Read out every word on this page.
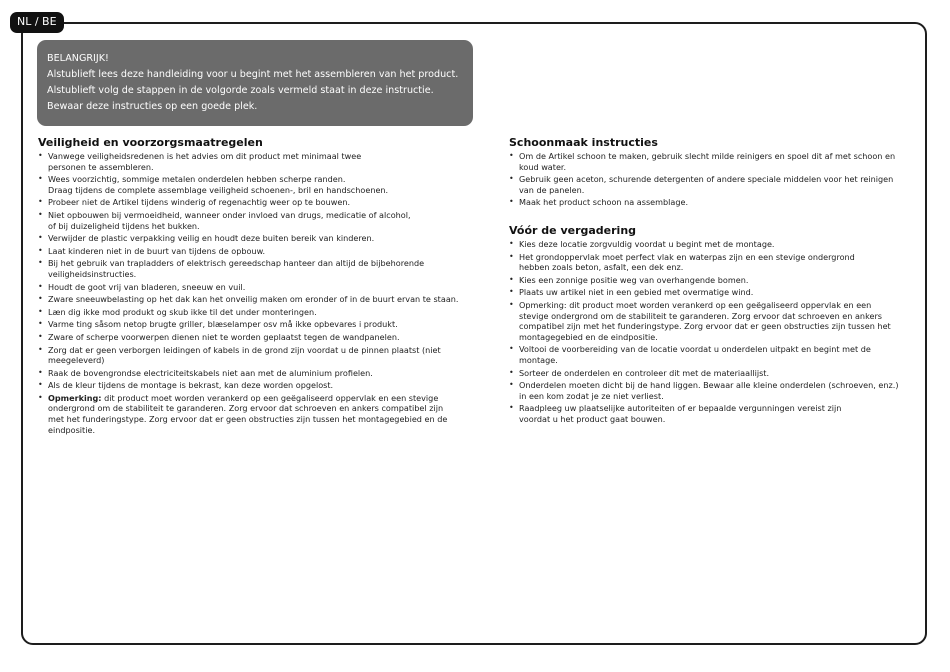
NL / BE
BELANGRIJK!
Alstublieft lees deze handleiding voor u begint met het assembleren van het product.
Alstublieft volg de stappen in de volgorde zoals vermeld staat in deze instructie.
Bewaar deze instructies op een goede plek.
Veiligheid en voorzorgsmaatregelen
• Vanwege veiligheidsredenen is het advies om dit product met minimaal twee
personen te assembleren.
• Wees voorzichtig, sommige metalen onderdelen hebben scherpe randen.
Draag tijdens de complete assemblage veiligheid schoenen-, bril en handschoenen.
• Probeer niet de Artikel tijdens winderig of regenachtig weer op te bouwen.
• Niet opbouwen bij vermoeidheid, wanneer onder invloed van drugs, medicatie of alcohol,
of bij duizeligheid tijdens het bukken.
• Verwijder de plastic verpakking veilig en houdt deze buiten bereik van kinderen.
• Laat kinderen niet in de buurt van tijdens de opbouw.
• Bij het gebruik van trapladders of elektrisch gereedschap hanteer dan altijd de bijbehorende
veiligheidsinstructies.
• Houdt de goot vrij van bladeren, sneeuw en vuil.
• Zware sneeuwbelasting op het dak kan het onveilig maken om eronder of in de buurt ervan te staan.
• Læn dig ikke mod produkt og skub ikke til det under monteringen.
• Varme ting såsom netop brugte griller, blæselamper osv må ikke opbevares i produkt.
• Zware of scherpe voorwerpen dienen niet te worden geplaatst tegen de wandpanelen.
• Zorg dat er geen verborgen leidingen of kabels in de grond zijn voordat u de pinnen plaatst (niet
meegeleverd)
• Raak de bovengrondse electriciteitskabels niet aan met de aluminium profielen.
• Als de kleur tijdens de montage is bekrast, kan deze worden opgelost.
• Opmerking: dit product moet worden verankerd op een geëgaliseerd oppervlak en een stevige
ondergrond om de stabiliteit te garanderen. Zorg ervoor dat schroeven en ankers compatibel zijn
met het funderingstype. Zorg ervoor dat er geen obstructies zijn tussen het montagegebied en de
eindpositie.
Schoonmaak instructies
• Om de Artikel schoon te maken, gebruik slecht milde reinigers en spoel dit af met schoon en
koud water.
• Gebruik geen aceton, schurende detergenten of andere speciale middelen voor het reinigen
van de panelen.
• Maak het product schoon na assemblage.
Vóór de vergadering
• Kies deze locatie zorgvuldig voordat u begint met de montage.
• Het grondoppervlak moet perfect vlak en waterpas zijn en een stevige ondergrond
hebben zoals beton, asfalt, een dek enz.
• Kies een zonnige positie weg van overhangende bomen.
• Plaats uw artikel niet in een gebied met overmatige wind.
• Opmerking: dit product moet worden verankerd op een geëgaliseerd oppervlak en een
stevige ondergrond om de stabiliteit te garanderen. Zorg ervoor dat schroeven en ankers
compatibel zijn met het funderingstype. Zorg ervoor dat er geen obstructies zijn tussen het
montagegebied en de eindpositie.
• Voltooi de voorbereiding van de locatie voordat u onderdelen uitpakt en begint met de
montage.
• Sorteer de onderdelen en controleer dit met de materiaallijst.
• Onderdelen moeten dicht bij de hand liggen. Bewaar alle kleine onderdelen (schroeven, enz.)
in een kom zodat je ze niet verliest.
• Raadpleeg uw plaatselijke autoriteiten of er bepaalde vergunningen vereist zijn
voordat u het product gaat bouwen.
